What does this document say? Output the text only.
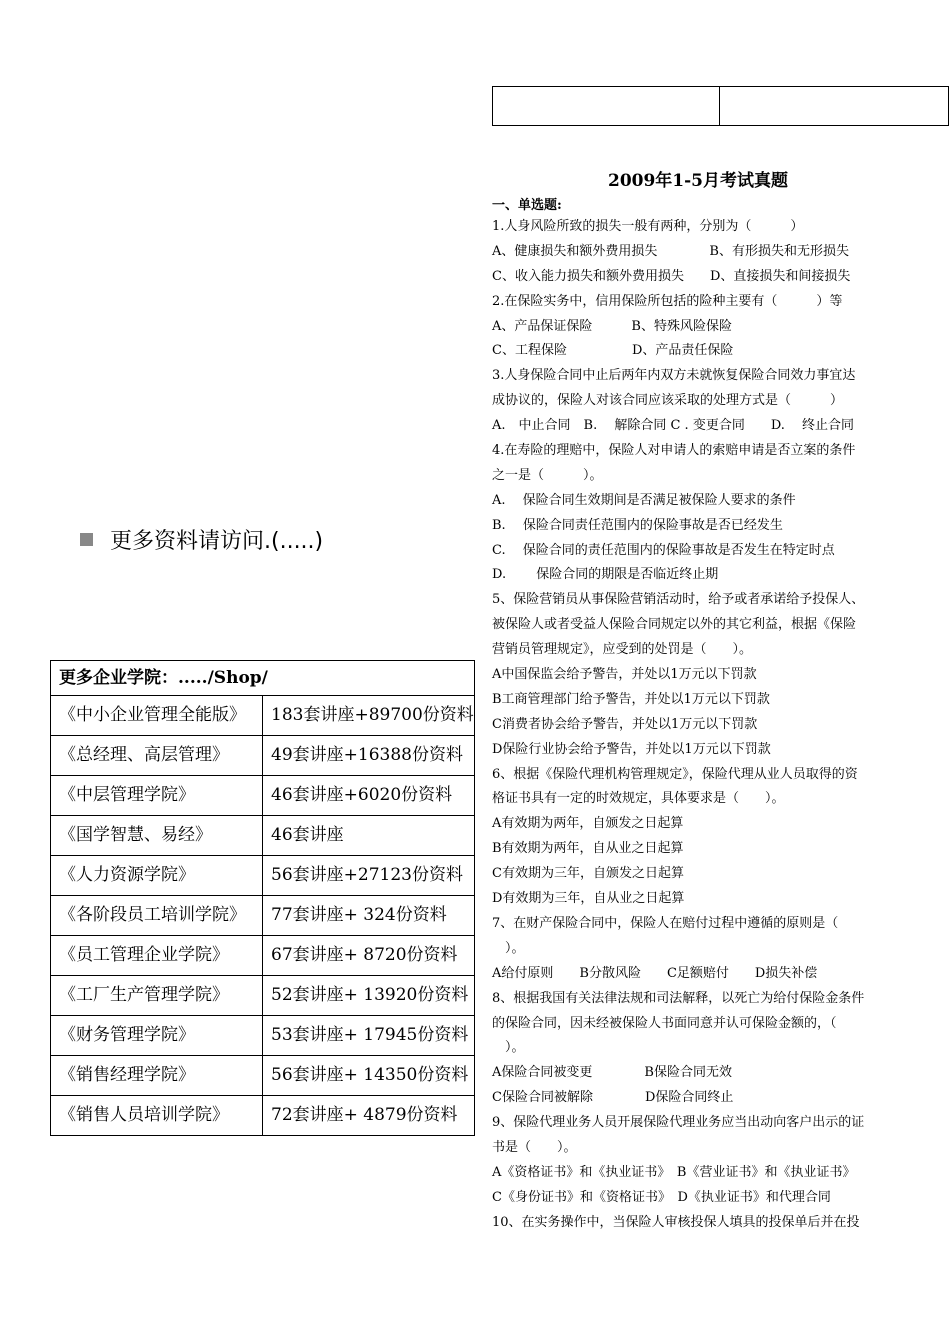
更多资料请访问.(.....)
2009年1-5月考试真题
一、单选题:
1.人身风险所致的损失一般有两种，分别为（　　　）
A、健康损失和额外费用损失　　　　B、有形损失和无形损失
C、收入能力损失和额外费用损失　　D、直接损失和间接损失
2.在保险实务中，信用保险所包括的险种主要有（　　　）等
A、产品保证保险　　　B、特殊风险保险
C、工程保险　　　　　D、产品责任保险
3.人身保险合同中止后两年内双方未就恢复保险合同效力事宜达
成协议的，保险人对该合同应该采取的处理方式是（　　　）
A.　中止合同　B.　 解除合同 C . 变更合同　　D.　 终止合同
4.在寿险的理赔中，保险人对申请人的索赔申请是否立案的条件
之一是（　　　）。
A.　 保险合同生效期间是否满足被保险人要求的条件
B.　 保险合同责任范围内的保险事故是否已经发生
C.　 保险合同的责任范围内的保险事故是否发生在特定时点
D.　　 保险合同的期限是否临近终止期
5、保险营销员从事保险营销活动时，给予或者承诺给予投保人、
被保险人或者受益人保险合同规定以外的其它利益，根据《保险
营销员管理规定》，应受到的处罚是（　　）。
A中国保监会给予警告，并处以1万元以下罚款
B工商管理部门给予警告，并处以1万元以下罚款
C消费者协会给予警告，并处以1万元以下罚款
D保险行业协会给予警告，并处以1万元以下罚款
6、根据《保险代理机构管理规定》，保险代理从业人员取得的资
格证书具有一定的时效规定，具体要求是（　　）。
A有效期为两年，自颁发之日起算
B有效期为两年，自从业之日起算
C有效期为三年，自颁发之日起算
D有效期为三年，自从业之日起算
7、在财产保险合同中，保险人在赔付过程中遵循的原则是（
　）。
A给付原则　　B分散风险　　C足额赔付　　D损失补偿
8、根据我国有关法律法规和司法解释，以死亡为给付保险金条件
的保险合同，因未经被保险人书面同意并认可保险金额的，（
　）。
A保险合同被变更　　　　B保险合同无效
C保险合同被解除　　　　D保险合同终止
9、保险代理业务人员开展保险代理业务应当出动向客户出示的证
书是（　　）。
A《资格证书》和《执业证书》　B《营业证书》和《执业证书》
C《身份证书》和《资格证书》　D《执业证书》和代理合同
10、在实务操作中，当保险人审核投保人填具的投保单后并在投
更多企业学院：...../Shop/	
《中小企业管理全能版》	183套讲座+89700份资料
《总经理、高层管理》	49套讲座+16388份资料
《中层管理学院》	46套讲座+6020份资料
《国学智慧、易经》	46套讲座
《人力资源学院》	56套讲座+27123份资料
《各阶段员工培训学院》	77套讲座+ 324份资料
《员工管理企业学院》	67套讲座+ 8720份资料
《工厂生产管理学院》	52套讲座+ 13920份资料
《财务管理学院》	53套讲座+ 17945份资料
《销售经理学院》	56套讲座+ 14350份资料
《销售人员培训学院》	72套讲座+ 4879份资料
